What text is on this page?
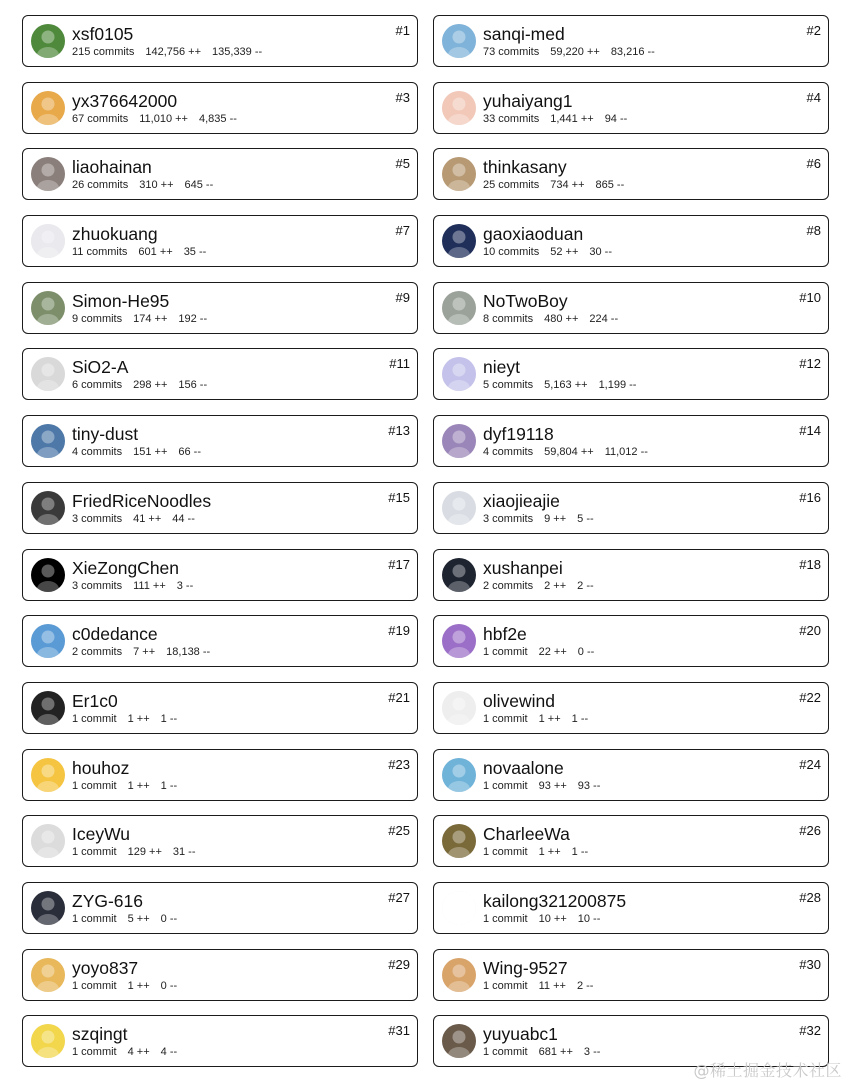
xsf0105
215 commits 142,756 ++ 135,339 --
#1	sanqi-med
73 commits 59,220 ++ 83,216 --
#2
yx376642000
67 commits 11,010 ++ 4,835 --
#3	yuhaiyang1
33 commits 1,441 ++ 94 --
#4
liaohainan
26 commits 310 ++ 645 --
#5	thinkasany
25 commits 734 ++ 865 --
#6
zhuokuang
11 commits 601 ++ 35 --
#7	gaoxiaoduan
10 commits 52 ++ 30 --
#8
Simon-He95
9 commits 174 ++ 192 --
#9	NoTwoBoy
8 commits 480 ++ 224 --
#10
SiO2-A
6 commits 298 ++ 156 --
#11	nieyt
5 commits 5,163 ++ 1,199 --
#12
tiny-dust
4 commits 151 ++ 66 --
#13	dyf19118
4 commits 59,804 ++ 11,012 --
#14
FriedRiceNoodles
3 commits 41 ++ 44 --
#15	xiaojieajie
3 commits 9 ++ 5 --
#16
XieZongChen
3 commits 111 ++ 3 --
#17	xushanpei
2 commits 2 ++ 2 --
#18
c0dedance
2 commits 7 ++ 18,138 --
#19	hbf2e
1 commit 22 ++ 0 --
#20
Er1c0
1 commit 1 ++ 1 --
#21	olivewind
1 commit 1 ++ 1 --
#22
houhoz
1 commit 1 ++ 1 --
#23	novaalone
1 commit 93 ++ 93 --
#24
IceyWu
1 commit 129 ++ 31 --
#25	CharleeWa
1 commit 1 ++ 1 --
#26
ZYG-616
1 commit 5 ++ 0 --
#27	kailong321200875
1 commit 10 ++ 10 --
#28
yoyo837
1 commit 1 ++ 0 --
#29	Wing-9527
1 commit 11 ++ 2 --
#30
szqingt
1 commit 4 ++ 4 --
#31	yuyuabc1
1 commit 681 ++ 3 --
#32
@稀土掘金技术社区
